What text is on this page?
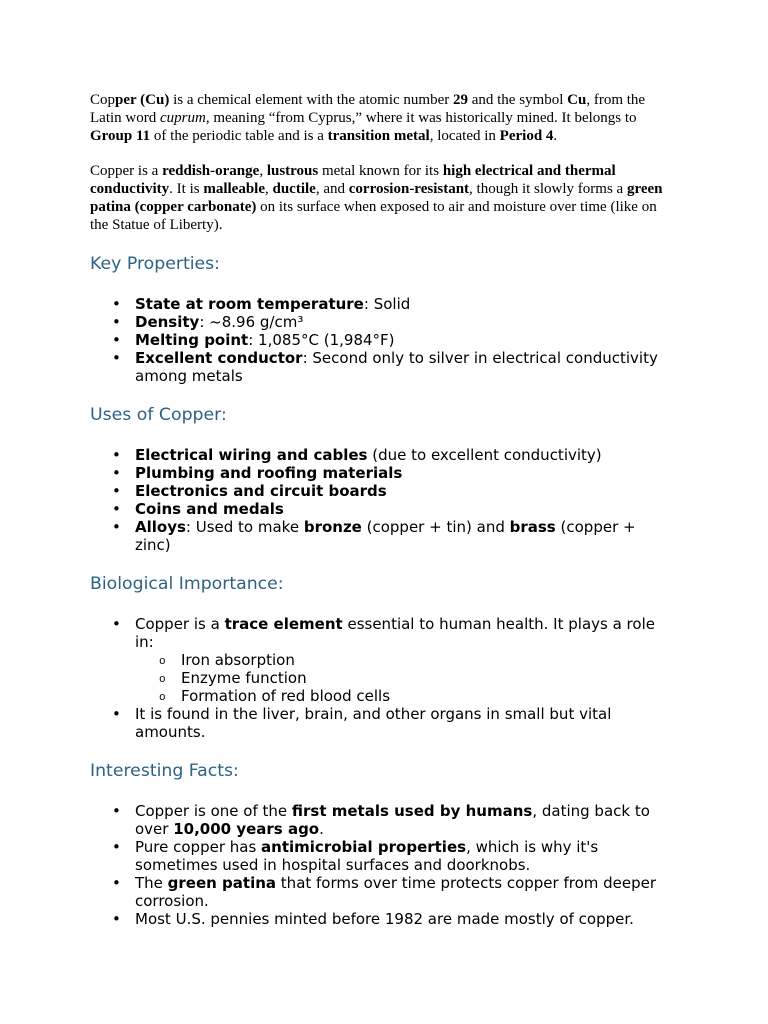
Copper (Cu) is a chemical element with the atomic number 29 and the symbol Cu, from the Latin word cuprum, meaning “from Cyprus,” where it was historically mined. It belongs to Group 11 of the periodic table and is a transition metal, located in Period 4.

Copper is a reddish-orange, lustrous metal known for its high electrical and thermal conductivity. It is malleable, ductile, and corrosion-resistant, though it slowly forms a green patina (copper carbonate) on its surface when exposed to air and moisture over time (like on the Statue of Liberty).

Key Properties:
• State at room temperature: Solid
• Density: ~8.96 g/cm³
• Melting point: 1,085°C (1,984°F)
• Excellent conductor: Second only to silver in electrical conductivity among metals
Uses of Copper:
• Electrical wiring and cables (due to excellent conductivity)
• Plumbing and roofing materials
• Electronics and circuit boards
• Coins and medals
• Alloys: Used to make bronze (copper + tin) and brass (copper + zinc)
Biological Importance:
• Copper is a trace element essential to human health. It plays a role in:
o Iron absorption
o Enzyme function
o Formation of red blood cells
• It is found in the liver, brain, and other organs in small but vital amounts.
Interesting Facts:
• Copper is one of the first metals used by humans, dating back to over 10,000 years ago.
• Pure copper has antimicrobial properties, which is why it's sometimes used in hospital surfaces and doorknobs.
• The green patina that forms over time protects copper from deeper corrosion.
• Most U.S. pennies minted before 1982 are made mostly of copper.
